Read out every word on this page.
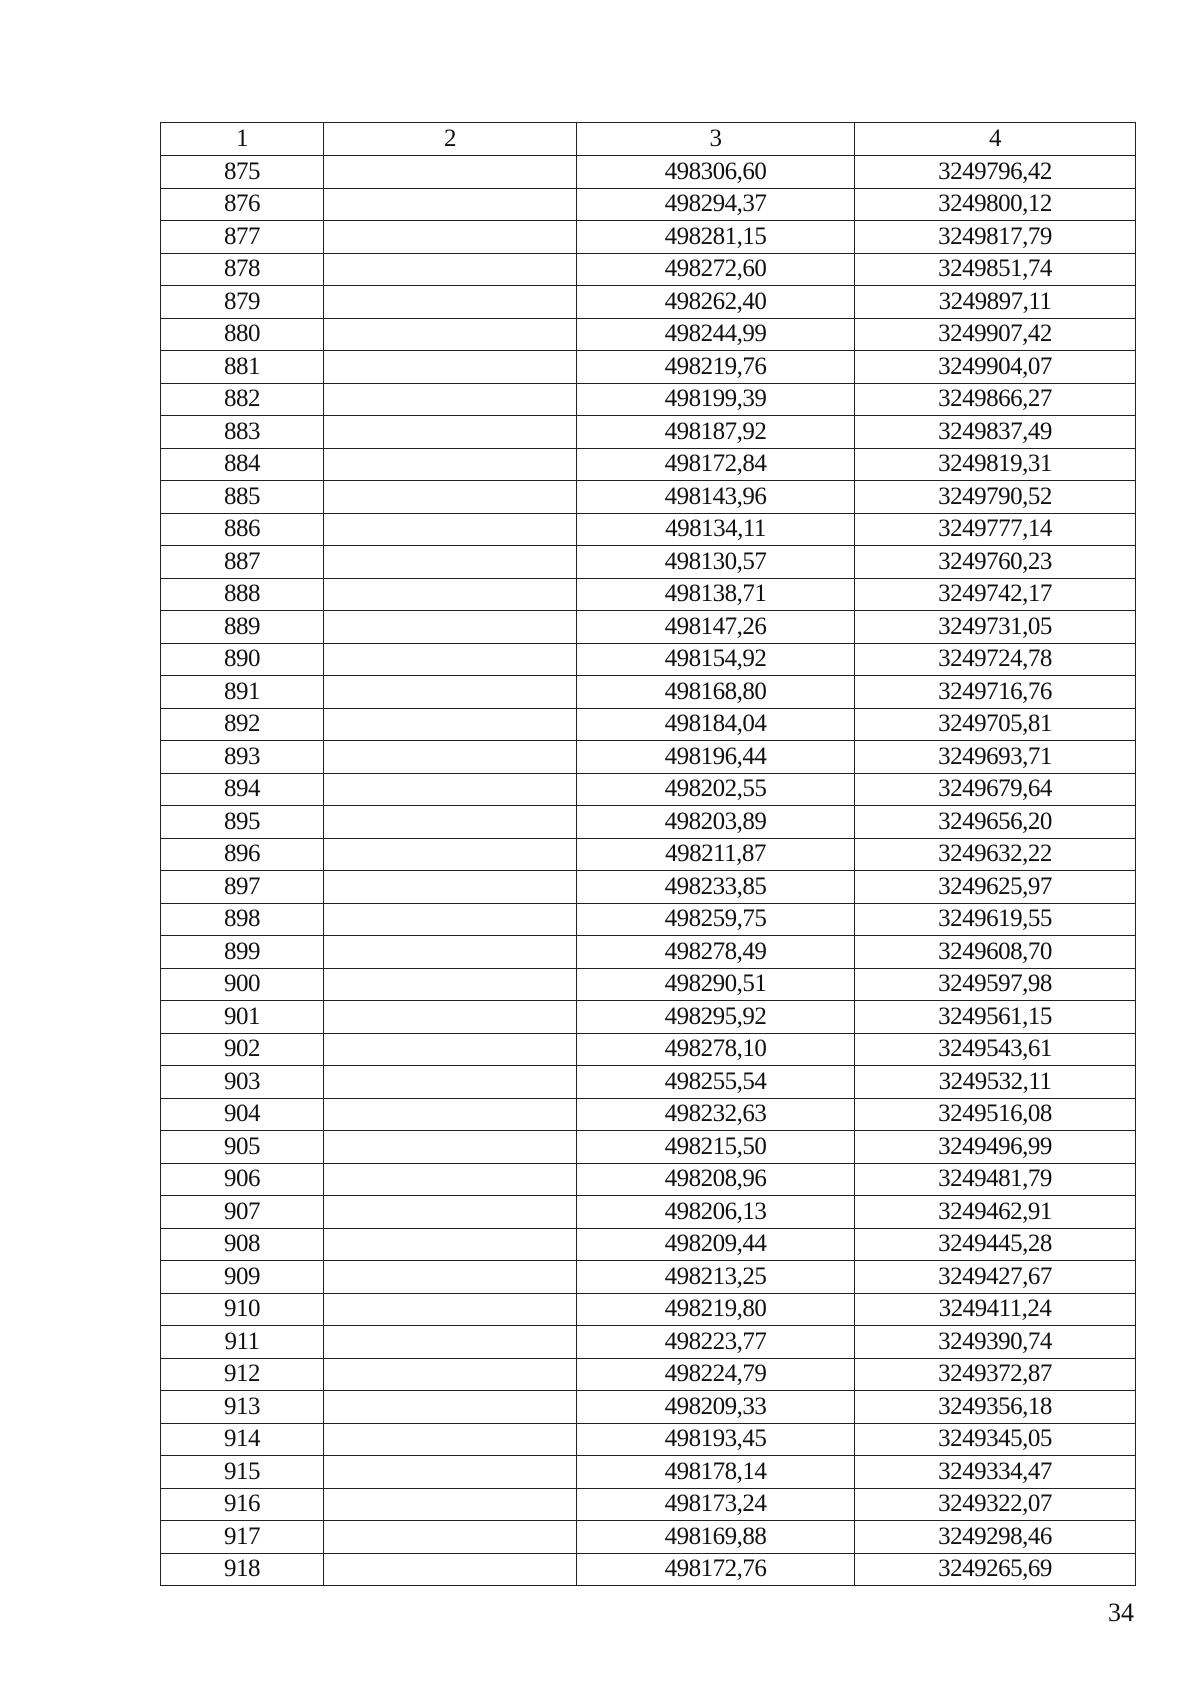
1	2	3	4
875		498306,60	3249796,42
876		498294,37	3249800,12
877		498281,15	3249817,79
878		498272,60	3249851,74
879		498262,40	3249897,11
880		498244,99	3249907,42
881		498219,76	3249904,07
882		498199,39	3249866,27
883		498187,92	3249837,49
884		498172,84	3249819,31
885		498143,96	3249790,52
886		498134,11	3249777,14
887		498130,57	3249760,23
888		498138,71	3249742,17
889		498147,26	3249731,05
890		498154,92	3249724,78
891		498168,80	3249716,76
892		498184,04	3249705,81
893		498196,44	3249693,71
894		498202,55	3249679,64
895		498203,89	3249656,20
896		498211,87	3249632,22
897		498233,85	3249625,97
898		498259,75	3249619,55
899		498278,49	3249608,70
900		498290,51	3249597,98
901		498295,92	3249561,15
902		498278,10	3249543,61
903		498255,54	3249532,11
904		498232,63	3249516,08
905		498215,50	3249496,99
906		498208,96	3249481,79
907		498206,13	3249462,91
908		498209,44	3249445,28
909		498213,25	3249427,67
910		498219,80	3249411,24
911		498223,77	3249390,74
912		498224,79	3249372,87
913		498209,33	3249356,18
914		498193,45	3249345,05
915		498178,14	3249334,47
916		498173,24	3249322,07
917		498169,88	3249298,46
918		498172,76	3249265,69
34
